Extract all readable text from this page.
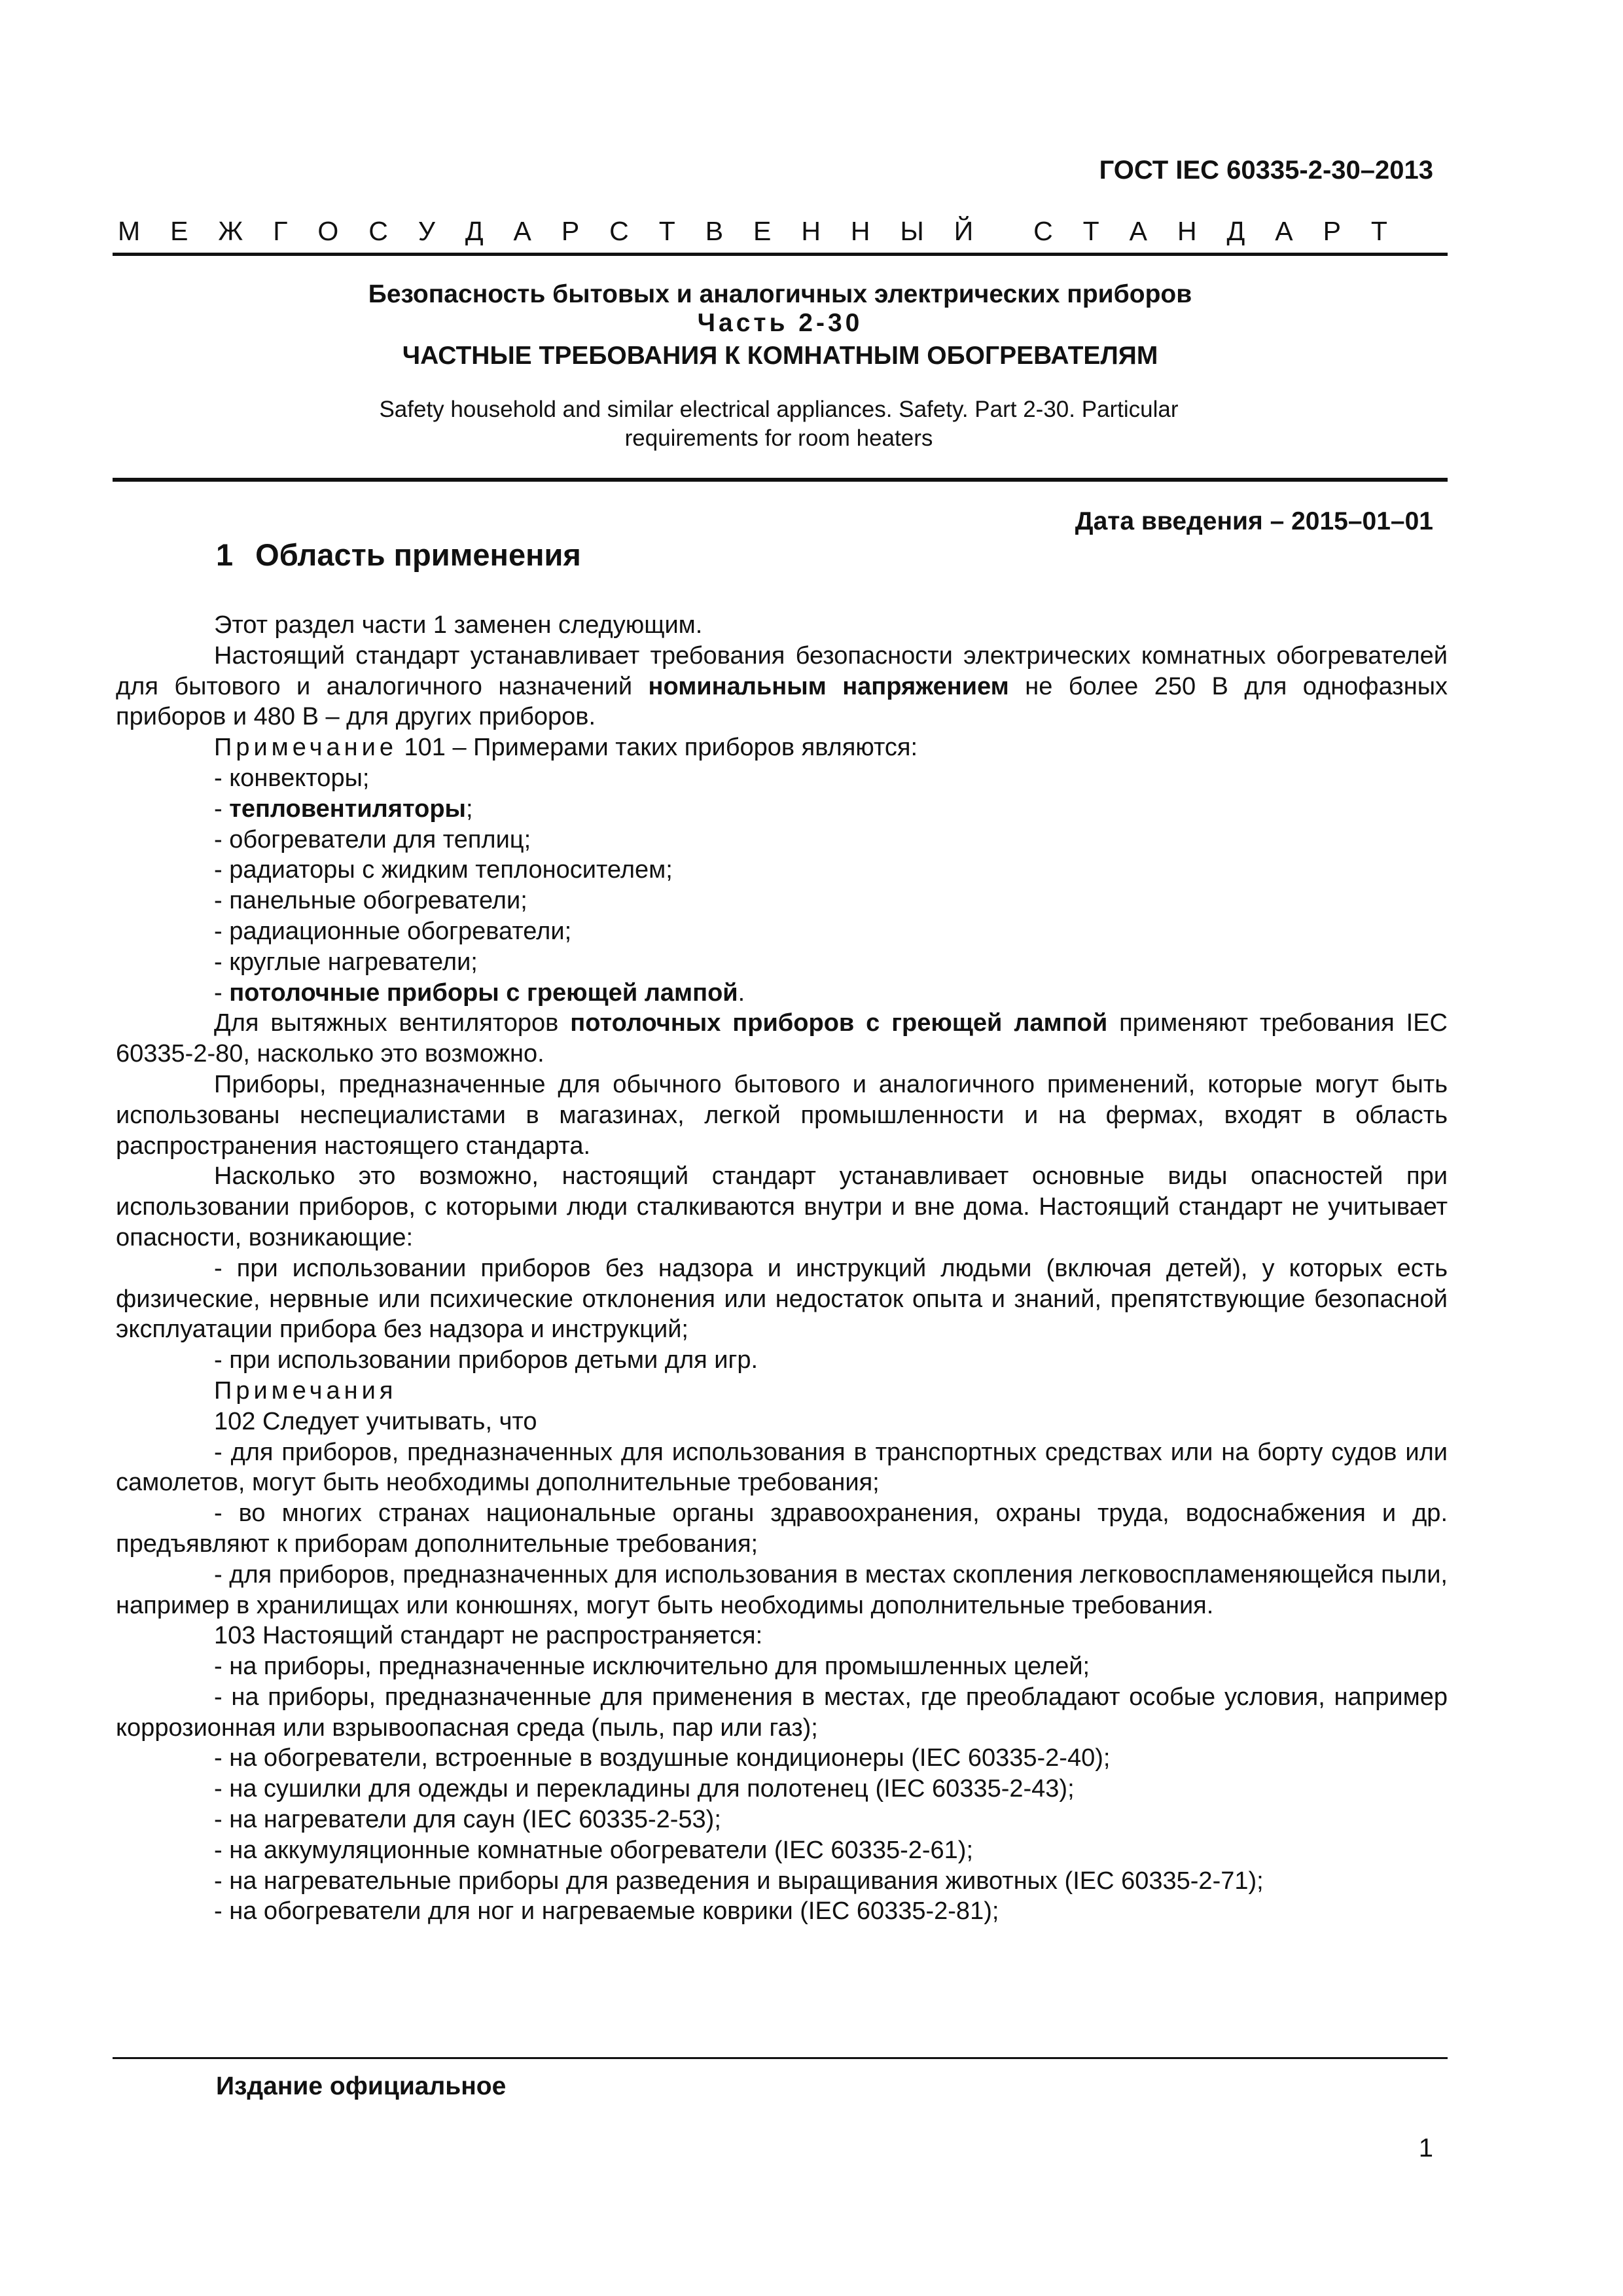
ГОСТ IEC 60335-2-30–2013
М Е Ж Г О С У Д А Р С Т В Е Н Н Ы Й С Т А Н Д А Р Т
Безопасность бытовых и аналогичных электрических приборов
Часть 2-30
ЧАСТНЫЕ ТРЕБОВАНИЯ К КОМНАТНЫМ ОБОГРЕВАТЕЛЯМ
Safety household and similar electrical appliances. Safety. Part 2-30. Particular
requirements for room heaters
Дата введения – 2015–01–01
1 Область применения

Этот раздел части 1 заменен следующим.

Настоящий стандарт устанавливает требования безопасности электрических комнатных обогревателей для бытового и аналогичного назначений номинальным напряжением не более 250 В для однофазных приборов и 480 В – для других приборов.

Примечание 101 – Примерами таких приборов являются:

- конвекторы;

- тепловентиляторы;

- обогреватели для теплиц;

- радиаторы с жидким теплоносителем;

- панельные обогреватели;

- радиационные обогреватели;

- круглые нагреватели;

- потолочные приборы с греющей лампой.

Для вытяжных вентиляторов потолочных приборов с греющей лампой применяют требования IEC 60335-2-80, насколько это возможно.

Приборы, предназначенные для обычного бытового и аналогичного применений, которые могут быть использованы неспециалистами в магазинах, легкой промышленности и на фермах, входят в область распространения настоящего стандарта.

Насколько это возможно, настоящий стандарт устанавливает основные виды опасностей при использовании приборов, с которыми люди сталкиваются внутри и вне дома. Настоящий стандарт не учитывает опасности, возникающие:

- при использовании приборов без надзора и инструкций людьми (включая детей), у которых есть физические, нервные или психические отклонения или недостаток опыта и знаний, препятствующие безопасной эксплуатации прибора без надзора и инструкций;

- при использовании приборов детьми для игр.

Примечания

102 Следует учитывать, что

- для приборов, предназначенных для использования в транспортных средствах или на борту судов или самолетов, могут быть необходимы дополнительные требования;

- во многих странах национальные органы здравоохранения, охраны труда, водоснабжения и др. предъявляют к приборам дополнительные требования;

- для приборов, предназначенных для использования в местах скопления легковоспламеняющейся пыли, например в хранилищах или конюшнях, могут быть необходимы дополнительные требования.

103 Настоящий стандарт не распространяется:

- на приборы, предназначенные исключительно для промышленных целей;

- на приборы, предназначенные для применения в местах, где преобладают особые условия, например коррозионная или взрывоопасная среда (пыль, пар или газ);

- на обогреватели, встроенные в воздушные кондиционеры (IEC 60335-2-40);

- на сушилки для одежды и перекладины для полотенец (IEC 60335-2-43);

- на нагреватели для саун (IEC 60335-2-53);

- на аккумуляционные комнатные обогреватели (IEC 60335-2-61);

- на нагревательные приборы для разведения и выращивания животных (IEC 60335-2-71);

- на обогреватели для ног и нагреваемые коврики (IEC 60335-2-81);

Издание официальное
1
